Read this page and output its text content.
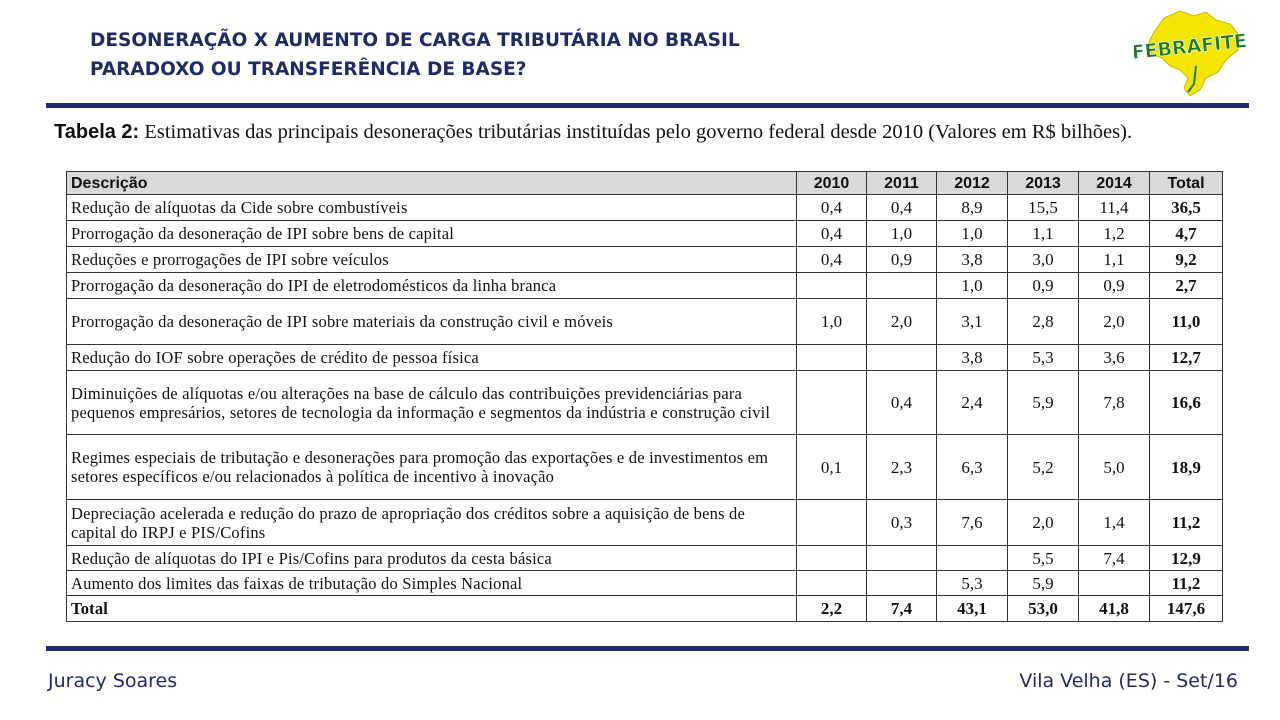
DESONERAÇÃO X AUMENTO DE CARGA TRIBUTÁRIA NO BRASIL
PARADOXO OU TRANSFERÊNCIA DE BASE?
FEBRAFITE
Tabela 2: Estimativas das principais desonerações tributárias instituídas pelo governo federal desde 2010 (Valores em R$ bilhões).
Descrição	2010	2011	2012	2013	2014	Total
Redução de alíquotas da Cide sobre combustíveis	0,4	0,4	8,9	15,5	11,4	36,5
Prorrogação da desoneração de IPI sobre bens de capital	0,4	1,0	1,0	1,1	1,2	4,7
Reduções e prorrogações de IPI sobre veículos	0,4	0,9	3,8	3,0	1,1	9,2
Prorrogação da desoneração do IPI de eletrodomésticos da linha branca			1,0	0,9	0,9	2,7
Prorrogação da desoneração de IPI sobre materiais da construção civil e móveis	1,0	2,0	3,1	2,8	2,0	11,0
Redução do IOF sobre operações de crédito de pessoa física			3,8	5,3	3,6	12,7
Diminuições de alíquotas e/ou alterações na base de cálculo das contribuições previdenciárias para pequenos empresários, setores de tecnologia da informação e segmentos da indústria e construção civil		0,4	2,4	5,9	7,8	16,6
Regimes especiais de tributação e desonerações para promoção das exportações e de investimentos em setores específicos e/ou relacionados à política de incentivo à inovação	0,1	2,3	6,3	5,2	5,0	18,9
Depreciação acelerada e redução do prazo de apropriação dos créditos sobre a aquisição de bens de capital do IRPJ e PIS/Cofins		0,3	7,6	2,0	1,4	11,2
Redução de alíquotas do IPI e Pis/Cofins para produtos da cesta básica				5,5	7,4	12,9
Aumento dos limites das faixas de tributação do Simples Nacional			5,3	5,9		11,2
Total	2,2	7,4	43,1	53,0	41,8	147,6
Juracy Soares	Vila Velha (ES) - Set/16
